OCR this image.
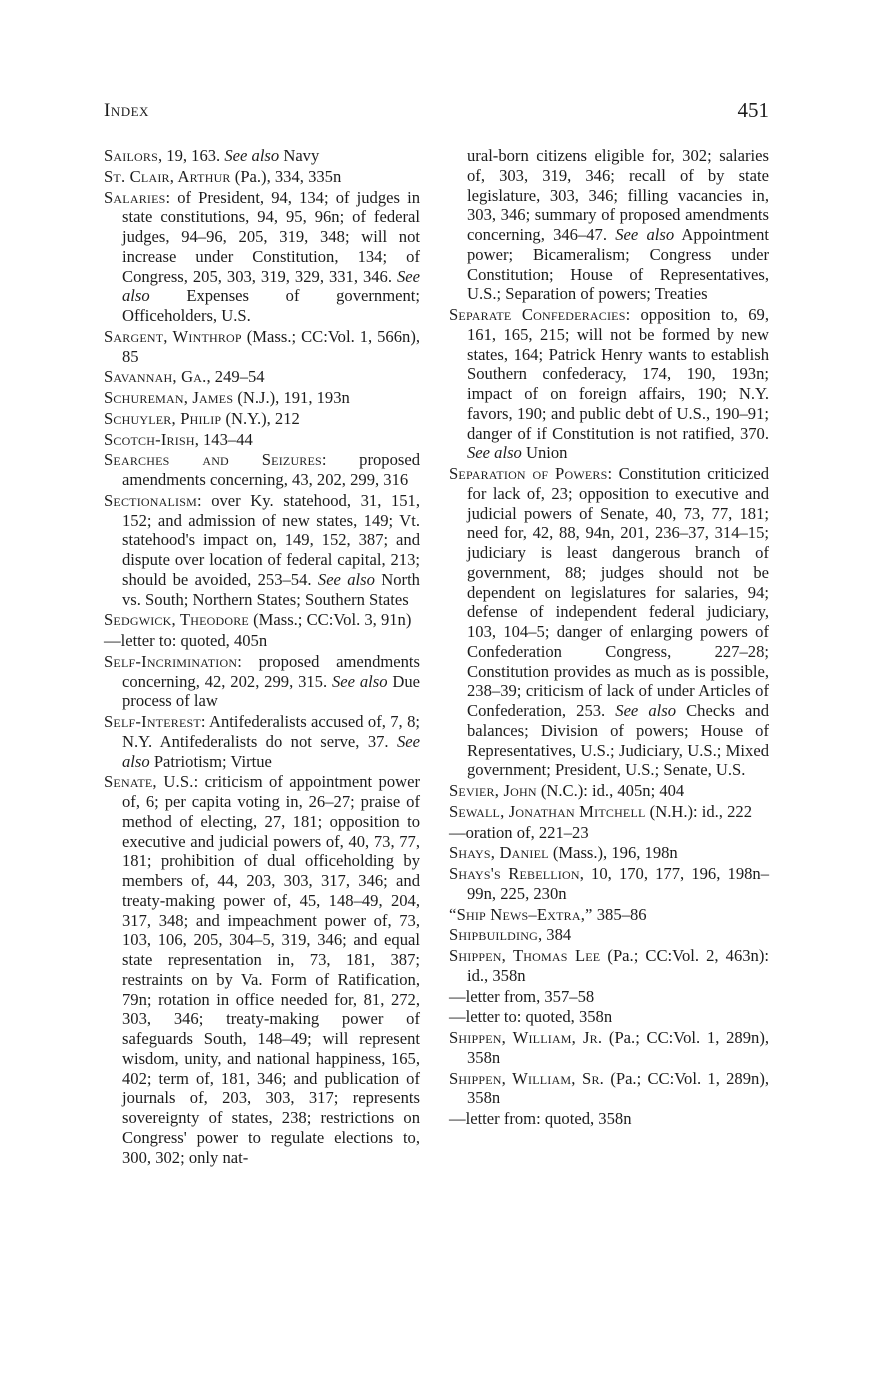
Index	451

Sailors, 19, 163. See also Navy

St. Clair, Arthur (Pa.), 334, 335n

Salaries: of President, 94, 134; of judges in state constitutions, 94, 95, 96n; of federal judges, 94–96, 205, 319, 348; will not increase under Constitution, 134; of Congress, 205, 303, 319, 329, 331, 346. See also Expenses of government; Officeholders, U.S.

Sargent, Winthrop (Mass.; CC:Vol. 1, 566n), 85

Savannah, Ga., 249–54

Schureman, James (N.J.), 191, 193n

Schuyler, Philip (N.Y.), 212

Scotch-Irish, 143–44

Searches and Seizures: proposed amendments concerning, 43, 202, 299, 316

Sectionalism: over Ky. statehood, 31, 151, 152; and admission of new states, 149; Vt. statehood's impact on, 149, 152, 387; and dispute over location of federal capital, 213; should be avoided, 253–54. See also North vs. South; Northern States; Southern States

Sedgwick, Theodore (Mass.; CC:Vol. 3, 91n)

—letter to: quoted, 405n

Self-Incrimination: proposed amendments concerning, 42, 202, 299, 315. See also Due process of law

Self-Interest: Antifederalists accused of, 7, 8; N.Y. Antifederalists do not serve, 37. See also Patriotism; Virtue

Senate, U.S.: criticism of appointment power of, 6; per capita voting in, 26–27; praise of method of electing, 27, 181; opposition to executive and judicial powers of, 40, 73, 77, 181; prohibition of dual officeholding by members of, 44, 203, 303, 317, 346; and treaty-making power of, 45, 148–49, 204, 317, 348; and impeachment power of, 73, 103, 106, 205, 304–5, 319, 346; and equal state representation in, 73, 181, 387; restraints on by Va. Form of Ratification, 79n; rotation in office needed for, 81, 272, 303, 346; treaty-making power of safeguards South, 148–49; will represent wisdom, unity, and national happiness, 165, 402; term of, 181, 346; and publication of journals of, 203, 303, 317; represents sovereignty of states, 238; restrictions on Congress' power to regulate elections to, 300, 302; only nat-

ural-born citizens eligible for, 302; salaries of, 303, 319, 346; recall of by state legislature, 303, 346; filling vacancies in, 303, 346; summary of proposed amendments concerning, 346–47. See also Appointment power; Bicameralism; Congress under Constitution; House of Representatives, U.S.; Separation of powers; Treaties

Separate Confederacies: opposition to, 69, 161, 165, 215; will not be formed by new states, 164; Patrick Henry wants to establish Southern confederacy, 174, 190, 193n; impact of on foreign affairs, 190; N.Y. favors, 190; and public debt of U.S., 190–91; danger of if Constitution is not ratified, 370. See also Union

Separation of Powers: Constitution criticized for lack of, 23; opposition to executive and judicial powers of Senate, 40, 73, 77, 181; need for, 42, 88, 94n, 201, 236–37, 314–15; judiciary is least dangerous branch of government, 88; judges should not be dependent on legislatures for salaries, 94; defense of independent federal judiciary, 103, 104–5; danger of enlarging powers of Confederation Congress, 227–28; Constitution provides as much as is possible, 238–39; criticism of lack of under Articles of Confederation, 253. See also Checks and balances; Division of powers; House of Representatives, U.S.; Judiciary, U.S.; Mixed government; President, U.S.; Senate, U.S.

Sevier, John (N.C.): id., 405n; 404

Sewall, Jonathan Mitchell (N.H.): id., 222

—oration of, 221–23

Shays, Daniel (Mass.), 196, 198n

Shays's Rebellion, 10, 170, 177, 196, 198n–99n, 225, 230n

“Ship News–Extra,” 385–86

Shipbuilding, 384

Shippen, Thomas Lee (Pa.; CC:Vol. 2, 463n): id., 358n

—letter from, 357–58

—letter to: quoted, 358n

Shippen, William, Jr. (Pa.; CC:Vol. 1, 289n), 358n

Shippen, William, Sr. (Pa.; CC:Vol. 1, 289n), 358n

—letter from: quoted, 358n
